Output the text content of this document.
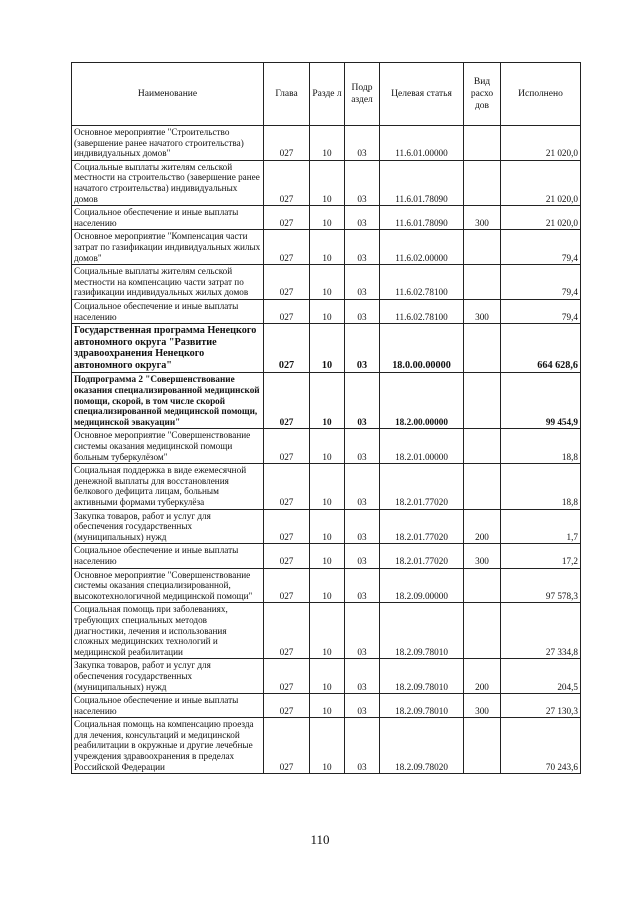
Наименование	Глава	Разде л	Подр аздел	Целевая статья	Вид расхо дов	Исполнено
Основное мероприятие "Строительство (завершение ранее начатого строительства) индивидуальных домов"	027	10	03	11.6.01.00000		21 020,0
Социальные выплаты жителям сельской местности на строительство (завершение ранее начатого строительства) индивидуальных домов	027	10	03	11.6.01.78090		21 020,0
Социальное обеспечение и иные выплаты населению	027	10	03	11.6.01.78090	300	21 020,0
Основное мероприятие "Компенсация части затрат по газификации индивидуальных жилых домов"	027	10	03	11.6.02.00000		79,4
Социальные выплаты жителям сельской местности на компенсацию части затрат по газификации индивидуальных жилых домов	027	10	03	11.6.02.78100		79,4
Социальное обеспечение и иные выплаты населению	027	10	03	11.6.02.78100	300	79,4
Государственная программа Ненецкого автономного округа "Развитие здравоохранения Ненецкого автономного округа"	027	10	03	18.0.00.00000		664 628,6
Подпрограмма 2 "Совершенствование оказания специализированной медицинской помощи, скорой, в том числе скорой специализированной медицинской помощи, медицинской эвакуации"	027	10	03	18.2.00.00000		99 454,9
Основное мероприятие "Совершенствование системы оказания медицинской помощи больным туберкулёзом"	027	10	03	18.2.01.00000		18,8
Социальная поддержка в виде ежемесячной денежной выплаты для восстановления белкового дефицита лицам, больным активными формами туберкулёза	027	10	03	18.2.01.77020		18,8
Закупка товаров, работ и услуг для обеспечения государственных (муниципальных) нужд	027	10	03	18.2.01.77020	200	1,7
Социальное обеспечение и иные выплаты населению	027	10	03	18.2.01.77020	300	17,2
Основное мероприятие "Совершенствование системы оказания специализированной, высокотехнологичной медицинской помощи"	027	10	03	18.2.09.00000		97 578,3
Социальная помощь при заболеваниях, требующих специальных методов диагностики, лечения и использования сложных медицинских технологий и медицинской реабилитации	027	10	03	18.2.09.78010		27 334,8
Закупка товаров, работ и услуг для обеспечения государственных (муниципальных) нужд	027	10	03	18.2.09.78010	200	204,5
Социальное обеспечение и иные выплаты населению	027	10	03	18.2.09.78010	300	27 130,3
Социальная помощь на компенсацию проезда для лечения, консультаций и медицинской реабилитации в окружные и другие лечебные учреждения здравоохранения в пределах Российской Федерации	027	10	03	18.2.09.78020		70 243,6
110
